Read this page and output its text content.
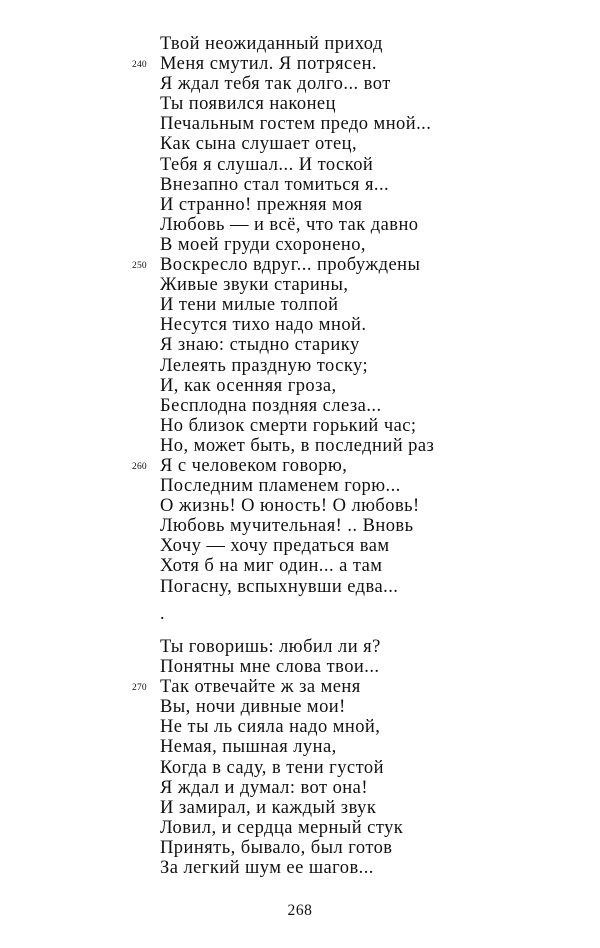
Твой неожиданный приход
Меня смутил. Я потрясен.
240
Я ждал тебя так долго... вот
Ты появился наконец
Печальным гостем предо мной...
Как сына слушает отец,
Тебя я слушал... И тоской
Внезапно стал томиться я...
И странно! прежняя моя
Любовь — и всё, что так давно
В моей груди схоронено,
Воскресло вдруг... пробуждены
250
Живые звуки старины,
И тени милые толпой
Несутся тихо надо мной.
Я знаю: стыдно старику
Лелеять праздную тоску;
И, как осенняя гроза,
Бесплодна поздняя слеза...
Но близок смерти горький час;
Но, может быть, в последний раз
Я с человеком говорю,
260
Последним пламенем горю...
О жизнь! О юность! О любовь!
Любовь мучительная! .. Вновь
Хочу — хочу предаться вам
Хотя б на миг один... а там
Погасну, вспыхнувши едва...
.
Ты говоришь: любил ли я?
Понятны мне слова твои...
Так отвечайте ж за меня
270
Вы, ночи дивные мои!
Не ты ль сияла надо мной,
Немая, пышная луна,
Когда в саду, в тени густой
Я ждал и думал: вот она!
И замирал, и каждый звук
Ловил, и сердца мерный стук
Принять, бывало, был готов
За легкий шум ее шагов...
268
